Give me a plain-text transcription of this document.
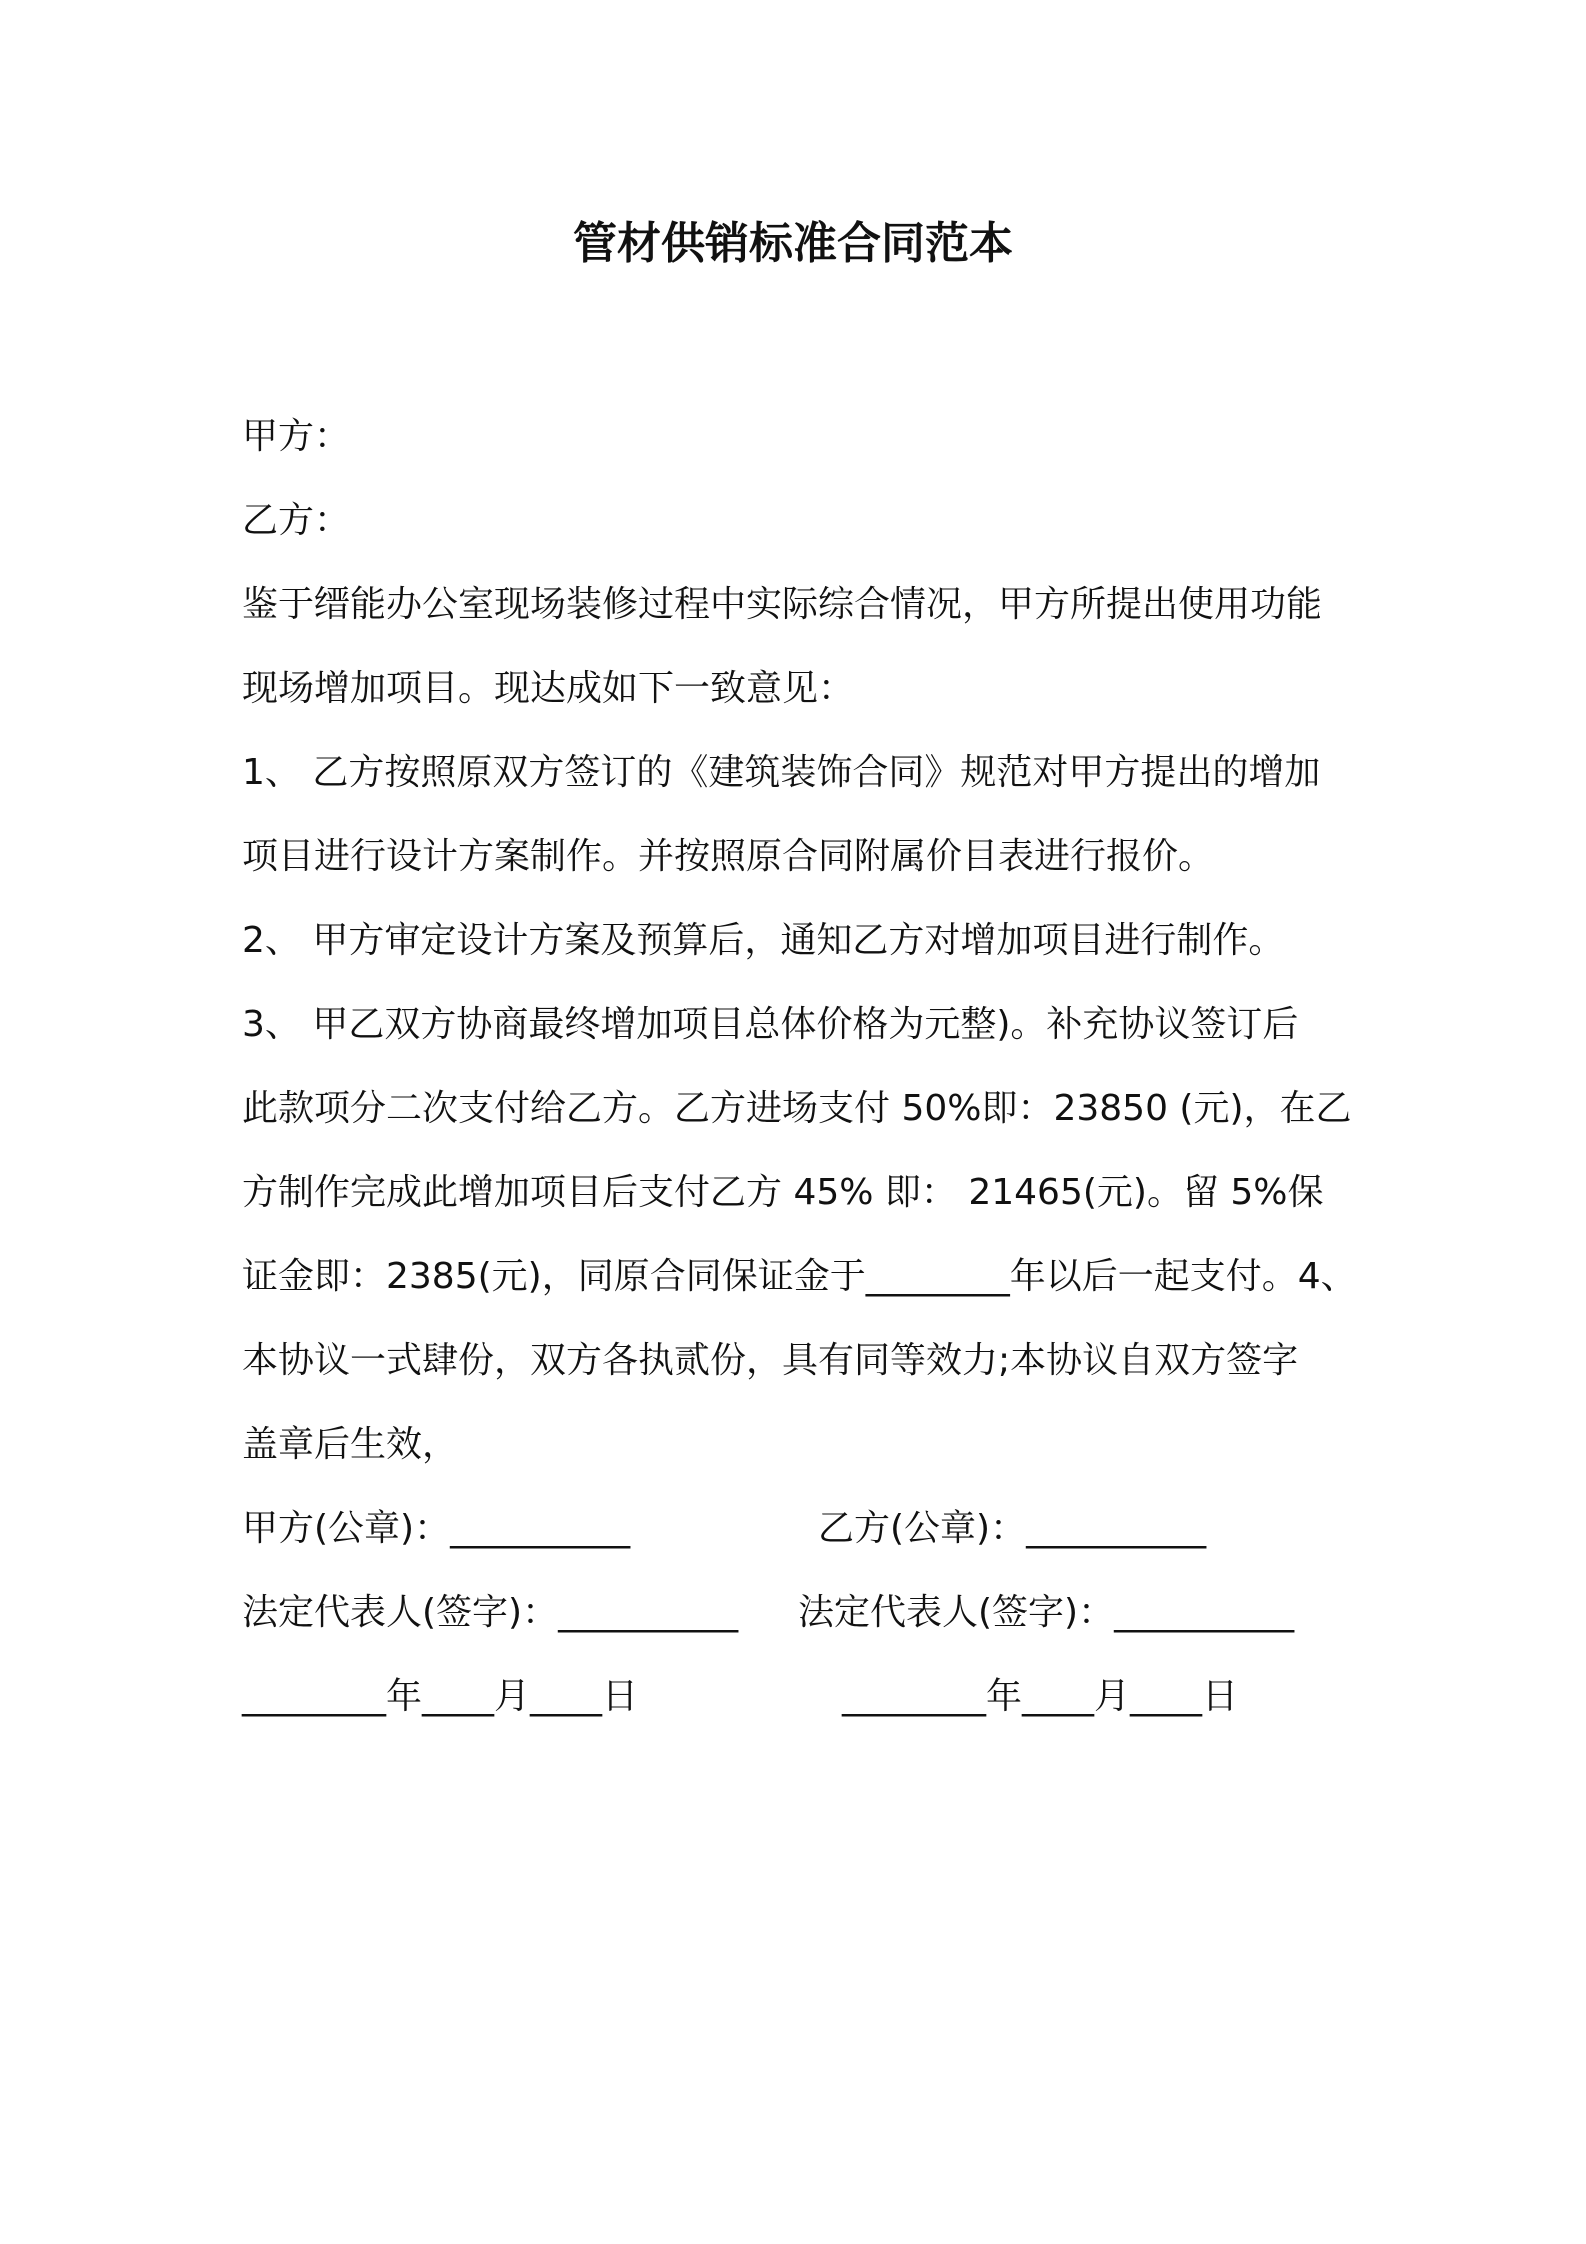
管材供销标准合同范本
甲方：
乙方：
鉴于缙能办公室现场装修过程中实际综合情况，甲方所提出使用功能
现场增加项目。现达成如下一致意见：
1、 乙方按照原双方签订的《建筑装饰合同》规范对甲方提出的增加
项目进行设计方案制作。并按照原合同附属价目表进行报价。
2、 甲方审定设计方案及预算后，通知乙方对增加项目进行制作。
3、 甲乙双方协商最终增加项目总体价格为元整)。补充协议签订后
此款项分二次支付给乙方。乙方进场支付 50%即：23850 (元)，在乙
方制作完成此增加项目后支付乙方 45% 即： 21465(元)。留 5%保
证金即：2385(元)，同原合同保证金于________年以后一起支付。4、
本协议一式肆份，双方各执贰份，具有同等效力;本协议自双方签字
盖章后生效，
甲方(公章)：__________	乙方(公章)：__________
法定代表人(签字)：__________ 法定代表人(签字)：__________
________年____月____日	________年____月____日
